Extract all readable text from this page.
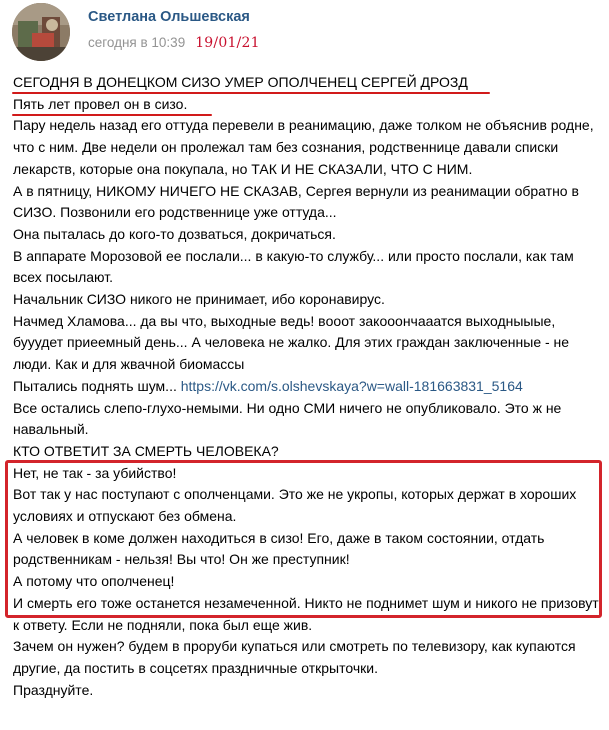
Светлана Ольшевская
сегодня в 10:39 19/01/21

СЕГОДНЯ В ДОНЕЦКОМ СИЗО УМЕР ОПОЛЧЕНЕЦ СЕРГЕЙ ДРОЗД

Пять лет провел он в сизо.

Пару недель назад его оттуда перевели в реанимацию, даже толком не объяснив родне, что с ним. Две недели он пролежал там без сознания, родственнице давали списки лекарств, которые она покупала, но ТАК И НЕ СКАЗАЛИ, ЧТО С НИМ.

А в пятницу, НИКОМУ НИЧЕГО НЕ СКАЗАВ, Сергея вернули из реанимации обратно в СИЗО. Позвонили его родственнице уже оттуда...

Она пыталась до кого-то дозваться, докричаться.

В аппарате Морозовой ее послали... в какую-то службу... или просто послали, как там всех посылают.

Начальник СИЗО никого не принимает, ибо коронавирус.

Начмед Хламова... да вы что, выходные ведь! вooот закооончааатся выходныыые, бууудет приеемный день... А человека не жалко. Для этих граждан заключенные - не люди. Как и для жвачной биомассы

Пытались поднять шум... https://vk.com/s.olshevskaya?w=wall-181663831_5164

Все остались слепо-глухо-немыми. Ни одно СМИ ничего не опубликовало. Это ж не навальный.

КТО ОТВЕТИТ ЗА СМЕРТЬ ЧЕЛОВЕКА?

Нет, не так - за убийство!

Вот так у нас поступают с ополченцами. Это же не укропы, которых держат в хороших условиях и отпускают без обмена.

А человек в коме должен находиться в сизо! Его, даже в таком состоянии, отдать родственникам - нельзя! Вы что! Он же преступник!

А потому что ополченец!

И смерть его тоже останется незамеченной. Никто не поднимет шум и никого не призовут к ответу. Если не подняли, пока был еще жив.

Зачем он нужен? будем в проруби купаться или смотреть по телевизору, как купаются другие, да постить в соцсетях праздничные открыточки.

Празднуйте.
